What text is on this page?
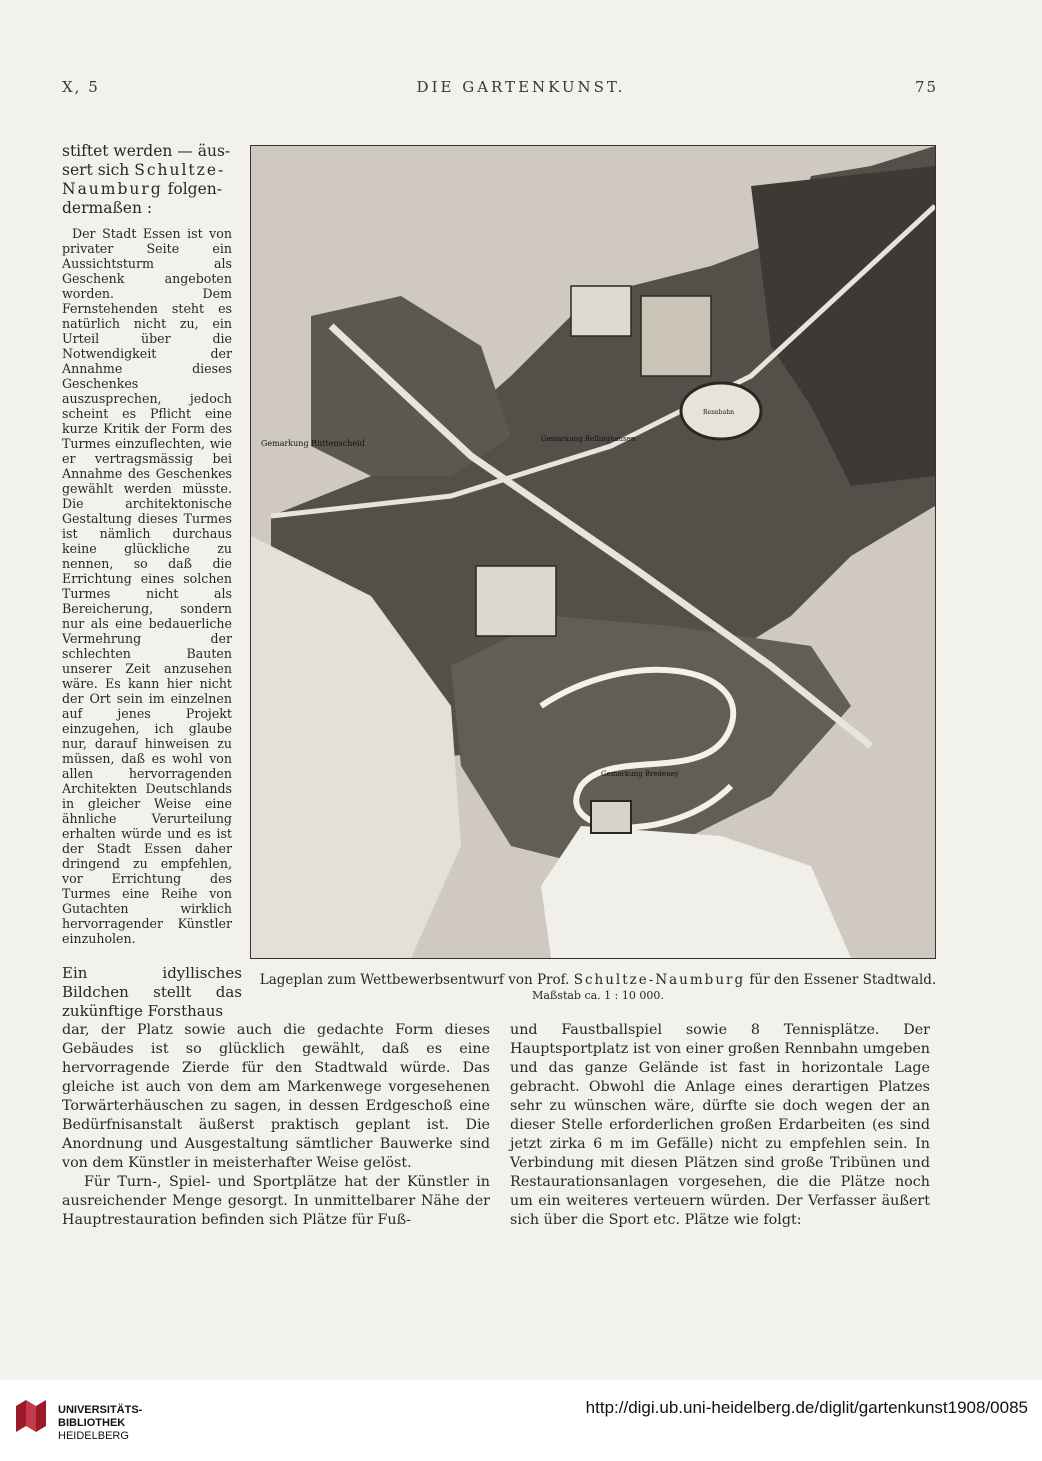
X, 5	DIE GARTENKUNST.	75
stiftet werden — äus-
sert sich Schultze-
Naumburg folgen-
dermaßen :
Der Stadt Essen ist von privater Seite ein Aussichtsturm als Geschenk angeboten worden. Dem Fernstehenden steht es natürlich nicht zu, ein Urteil über die Notwendigkeit der Annahme dieses Geschenkes auszusprechen, jedoch scheint es Pflicht eine kurze Kritik der Form des Turmes einzuflechten, wie er vertragsmässig bei Annahme des Geschenkes gewählt werden müsste. Die architektonische Gestaltung dieses Turmes ist nämlich durchaus keine glückliche zu nennen, so daß die Errichtung eines solchen Turmes nicht als Bereicherung, sondern nur als eine bedauerliche Vermehrung der schlechten Bauten unserer Zeit anzusehen wäre. Es kann hier nicht der Ort sein im einzelnen auf jenes Projekt einzugehen, ich glaube nur, darauf hinweisen zu müssen, daß es wohl von allen hervorragenden Architekten Deutschlands in gleicher Weise eine ähnliche Verurteilung erhalten würde und es ist der Stadt Essen daher dringend zu empfehlen, vor Errichtung des Turmes eine Reihe von Gutachten wirklich hervorragender Künstler einzuholen.
Gemarkung Rüttenscheid	Gemarkung Rellinghausen
Gemarkung Bredeney
Rennbahn
Lageplan zum Wettbewerbsentwurf von Prof. Schultze-Naumburg für den Essener Stadtwald.
Maßstab ca. 1 : 10 000.
Ein idyllisches Bildchen stellt das zukünftige Forsthaus

dar, der Platz sowie auch die gedachte Form dieses Gebäudes ist so glücklich gewählt, daß es eine hervorragende Zierde für den Stadtwald würde. Das gleiche ist auch von dem am Markenwege vorgesehenen Torwärterhäuschen zu sagen, in dessen Erdgeschoß eine Bedürfnisanstalt äußerst praktisch geplant ist. Die Anordnung und Ausgestaltung sämtlicher Bauwerke sind von dem Künstler in meisterhafter Weise gelöst.

Für Turn-, Spiel- und Sportplätze hat der Künstler in ausreichender Menge gesorgt. In unmittelbarer Nähe der Hauptrestauration befinden sich Plätze für Fuß-

und Faustballspiel sowie 8 Tennisplätze. Der Hauptsportplatz ist von einer großen Rennbahn umgeben und das ganze Gelände ist fast in horizontale Lage gebracht. Obwohl die Anlage eines derartigen Platzes sehr zu wünschen wäre, dürfte sie doch wegen der an dieser Stelle erforderlichen großen Erdarbeiten (es sind jetzt zirka 6 m im Gefälle) nicht zu empfehlen sein. In Verbindung mit diesen Plätzen sind große Tribünen und Restaurationsanlagen vorgesehen, die die Plätze noch um ein weiteres verteuern würden. Der Verfasser äußert sich über die Sport etc. Plätze wie folgt:

UNIVERSITÄTS-
BIBLIOTHEK
HEIDELBERG
http://digi.ub.uni-heidelberg.de/diglit/gartenkunst1908/0085
